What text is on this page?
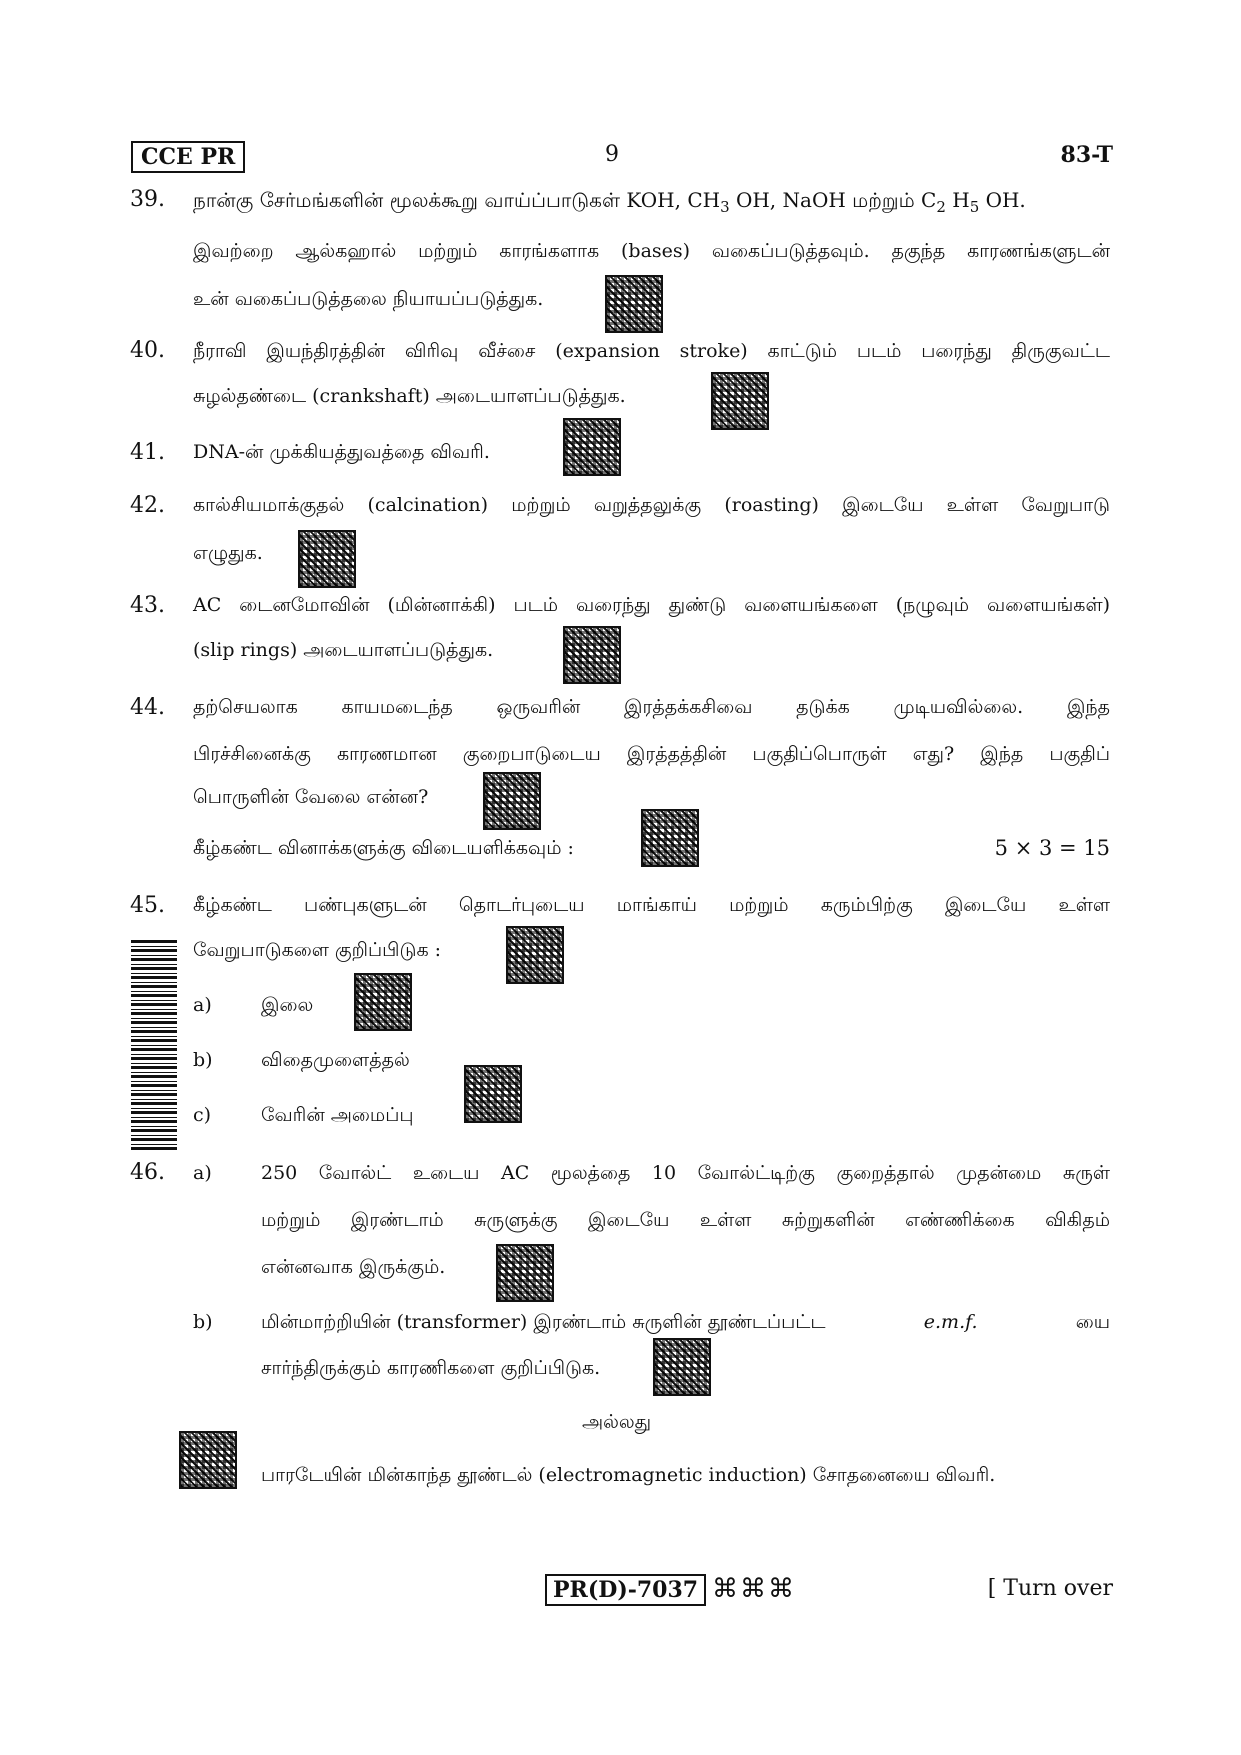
CCE PR	9	83-T
39. நான்கு சேர்மங்களின் மூலக்கூறு வாய்ப்பாடுகள் KOH, $CH_3$ OH, NaOH மற்றும் $C_2$ $H_5$ OH.
இவற்றை ஆல்கஹால் மற்றும் காரங்களாக (bases) வகைப்படுத்தவும். தகுந்த காரணங்களுடன்
உன் வகைப்படுத்தலை நியாயப்படுத்துக.
40. நீராவி இயந்திரத்தின் விரிவு வீச்சை (expansion stroke) காட்டும் படம் பரைந்து திருகுவட்ட
சுழல்தண்டை (crankshaft) அடையாளப்படுத்துக.
41. DNA-ன் முக்கியத்துவத்தை விவரி.
42. கால்சியமாக்குதல் (calcination) மற்றும் வறுத்தலுக்கு (roasting) இடையே உள்ள வேறுபாடு
எழுதுக.
43. AC டைனமோவின் (மின்னாக்கி) படம் வரைந்து துண்டு வளையங்களை (நழுவும் வளையங்கள்)
(slip rings) அடையாளப்படுத்துக.
44. தற்செயலாக காயமடைந்த ஒருவரின் இரத்தக்கசிவை தடுக்க முடியவில்லை. இந்த
பிரச்சினைக்கு காரணமான குறைபாடுடைய இரத்தத்தின் பகுதிப்பொருள் எது? இந்த பகுதிப்
பொருளின் வேலை என்ன?
கீழ்கண்ட வினாக்களுக்கு விடையளிக்கவும் :	5 × 3 = 15
45. கீழ்கண்ட பண்புகளுடன் தொடர்புடைய மாங்காய் மற்றும் கரும்பிற்கு இடையே உள்ள
வேறுபாடுகளை குறிப்பிடுக :
a)	இலை
b)	விதைமுளைத்தல்
c)	வேரின் அமைப்பு
46. a)	250 வோல்ட் உடைய AC மூலத்தை 10 வோல்ட்டிற்கு குறைத்தால் முதன்மை சுருள்
மற்றும் இரண்டாம் சுருளுக்கு இடையே உள்ள சுற்றுகளின் எண்ணிக்கை விகிதம்
என்னவாக இருக்கும்.
b)	மின்மாற்றியின் (transformer) இரண்டாம் சுருளின் தூண்டப்பட்ட	e.m.f.	யை
சார்ந்திருக்கும் காரணிகளை குறிப்பிடுக.
அல்லது
பாரடேயின் மின்காந்த தூண்டல் (electromagnetic induction) சோதனையை விவரி.
PR(D)-7037 ⌘⌘⌘	[ Turn over
